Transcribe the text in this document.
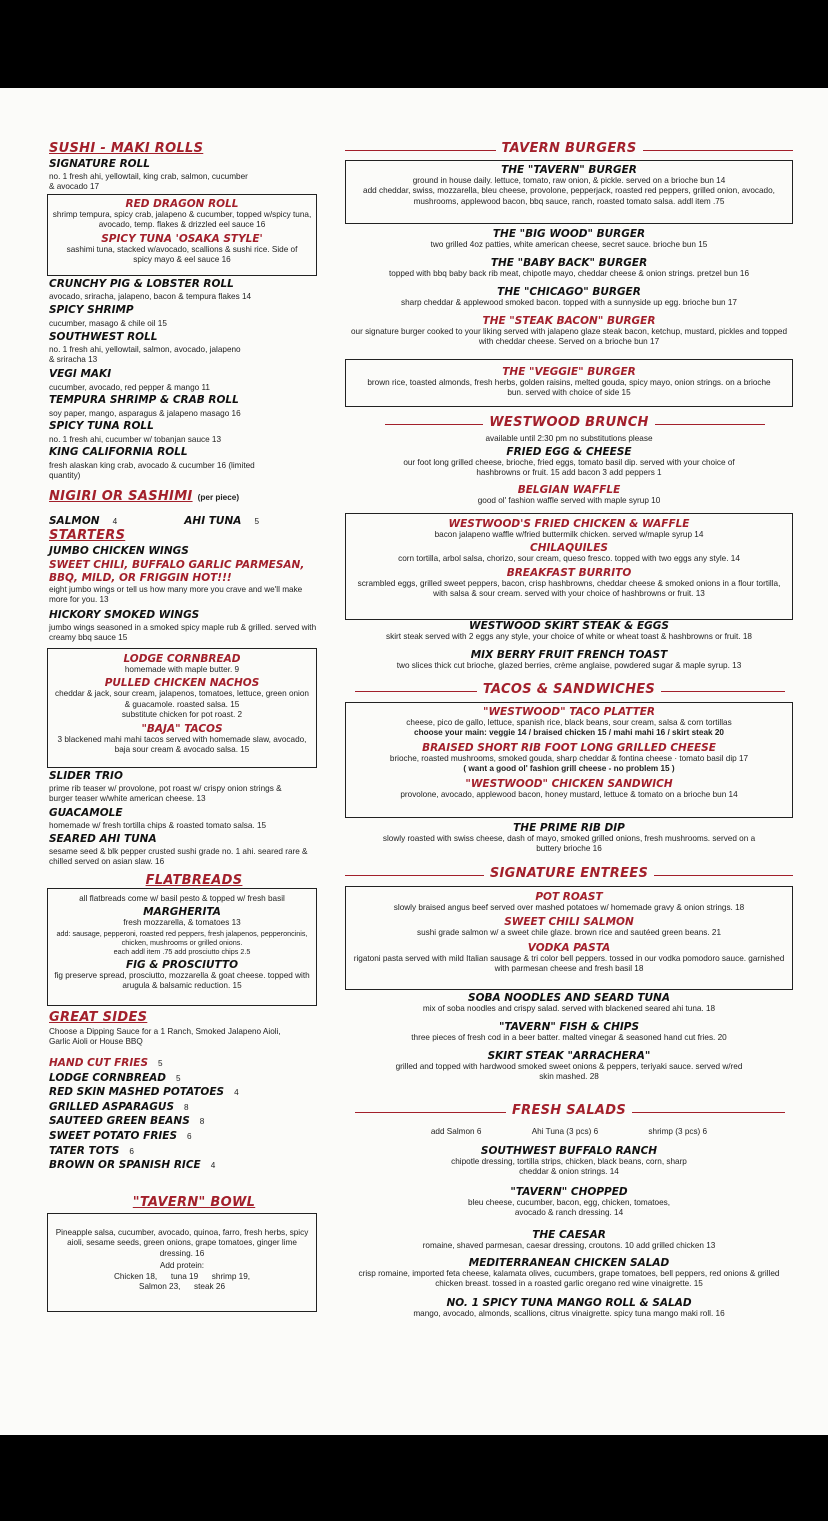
SUSHI - MAKI ROLLS
SIGNATURE ROLL
no. 1 fresh ahi, yellowtail, king crab, salmon, cucumber & avocado 17
RED DRAGON ROLL
shrimp tempura, spicy crab, jalapeno & cucumber, topped w/spicy tuna, avocado, temp. flakes & drizzled eel sauce 16
SPICY TUNA 'OSAKA STYLE'
sashimi tuna, stacked w/avocado, scallions & sushi rice. Side of spicy mayo & eel sauce 16
CRUNCHY PIG & LOBSTER ROLL
avocado, sriracha, jalapeno, bacon & tempura flakes 14
SPICY SHRIMP
cucumber, masago & chile oil 15
SOUTHWEST ROLL
no. 1 fresh ahi, yellowtail, salmon, avocado, jalapeno & sriracha 13
VEGI MAKI
cucumber, avocado, red pepper & mango 11
TEMPURA SHRIMP & CRAB ROLL
soy paper, mango, asparagus & jalapeno masago 16
SPICY TUNA ROLL
no. 1 fresh ahi, cucumber w/ tobanjan sauce 13
KING CALIFORNIA ROLL
fresh alaskan king crab, avocado & cucumber 16 (limited quantity)
NIGIRI OR SASHIMI (per piece)
SALMON 4	AHI TUNA 5
STARTERS
JUMBO CHICKEN WINGS
SWEET CHILI, BUFFALO GARLIC PARMESAN, BBQ, MILD, OR FRIGGIN HOT!!!
eight jumbo wings or tell us how many more you crave and we'll make more for you. 13
HICKORY SMOKED WINGS
jumbo wings seasoned in a smoked spicy maple rub & grilled. served with creamy bbq sauce 15
LODGE CORNBREAD
homemade with maple butter. 9
PULLED CHICKEN NACHOS
cheddar & jack, sour cream, jalapenos, tomatoes, lettuce, green onion & guacamole. roasted salsa. 15
substitute chicken for pot roast. 2
"BAJA" TACOS
3 blackened mahi mahi tacos served with homemade slaw, avocado, baja sour cream & avocado salsa. 15
SLIDER TRIO
prime rib teaser w/ provolone, pot roast w/ crispy onion strings & burger teaser w/white american cheese. 13
GUACAMOLE
homemade w/ fresh tortilla chips & roasted tomato salsa. 15
SEARED AHI TUNA
sesame seed & blk pepper crusted sushi grade no. 1 ahi. seared rare & chilled served on asian slaw. 16
FLATBREADS
all flatbreads come w/ basil pesto & topped w/ fresh basil
MARGHERITA
fresh mozzarella, & tomatoes 13
add: sausage, pepperoni, roasted red peppers, fresh jalapenos, pepperoncinis, chicken, mushrooms or grilled onions.
each addl item .75 add prosciutto chips 2.5
FIG & PROSCIUTTO
fig preserve spread, prosciutto, mozzarella & goat cheese. topped with arugula & balsamic reduction. 15
GREAT SIDES
Choose a Dipping Sauce for a 1 Ranch, Smoked Jalapeno Aioli, Garlic Aioli or House BBQ
HAND CUT FRIES 5
LODGE CORNBREAD 5
RED SKIN MASHED POTATOES 4
GRILLED ASPARAGUS 8
SAUTEED GREEN BEANS 8
SWEET POTATO FRIES 6
TATER TOTS 6
BROWN OR SPANISH RICE 4
"TAVERN" BOWL
Pineapple salsa, cucumber, avocado, quinoa, farro, fresh herbs, spicy aioli, sesame seeds, green onions, grape tomatoes, ginger lime dressing. 16
Add protein:
Chicken 18,      tuna 19      shrimp 19,
Salmon 23,      steak 26
TAVERN BURGERS
THE "TAVERN" BURGER
ground in house daily. lettuce, tomato, raw onion, & pickle. served on a brioche bun 14
add cheddar, swiss, mozzarella, bleu cheese, provolone, pepperjack, roasted red peppers, grilled onion, avocado, mushrooms, applewood bacon, bbq sauce, ranch, roasted tomato salsa. addl item .75
THE "BIG WOOD" BURGER
two grilled 4oz patties, white american cheese, secret sauce. brioche bun 15
THE "BABY BACK" BURGER
topped with bbq baby back rib meat, chipotle mayo, cheddar cheese & onion strings. pretzel bun 16
THE "CHICAGO" BURGER
sharp cheddar & applewood smoked bacon. topped with a sunnyside up egg. brioche bun 17
THE "STEAK BACON" BURGER
our signature burger cooked to your liking served with jalapeno glaze steak bacon, ketchup, mustard, pickles and topped with cheddar cheese. Served on a brioche bun 17
THE "VEGGIE" BURGER
brown rice, toasted almonds, fresh herbs, golden raisins, melted gouda, spicy mayo, onion strings. on a brioche bun. served with choice of side 15
WESTWOOD BRUNCH
available until 2:30 pm no substitutions please
FRIED EGG & CHEESE
our foot long grilled cheese, brioche, fried eggs, tomato basil dip. served with your choice of hashbrowns or fruit. 15 add bacon 3 add peppers 1
BELGIAN WAFFLE
good ol' fashion waffle served with maple syrup 10
WESTWOOD'S FRIED CHICKEN & WAFFLE
bacon jalapeno waffle w/fried buttermilk chicken. served w/maple syrup 14
CHILAQUILES
corn tortilla, arbol salsa, chorizo, sour cream, queso fresco. topped with two eggs any style. 14
BREAKFAST BURRITO
scrambled eggs, grilled sweet peppers, bacon, crisp hashbrowns, cheddar cheese & smoked onions in a flour tortilla, with salsa & sour cream. served with your choice of hashbrowns or fruit. 13
WESTWOOD SKIRT STEAK & EGGS
skirt steak served with 2 eggs any style, your choice of white or wheat toast & hashbrowns or fruit. 18
MIX BERRY FRUIT FRENCH TOAST
two slices thick cut brioche, glazed berries, crème anglaise, powdered sugar & maple syrup. 13
TACOS & SANDWICHES
"WESTWOOD" TACO PLATTER
cheese, pico de gallo, lettuce, spanish rice, black beans, sour cream, salsa & corn tortillas
choose your main: veggie 14 / braised chicken 15 / mahi mahi 16 / skirt steak 20
BRAISED SHORT RIB FOOT LONG GRILLED CHEESE
brioche, roasted mushrooms, smoked gouda, sharp cheddar & fontina cheese · tomato basil dip 17
( want a good ol' fashion grill cheese - no problem 15 )
"WESTWOOD" CHICKEN SANDWICH
provolone, avocado, applewood bacon, honey mustard, lettuce & tomato on a brioche bun 14
THE PRIME RIB DIP
slowly roasted with swiss cheese, dash of mayo, smoked grilled onions, fresh mushrooms. served on a buttery brioche 16
SIGNATURE ENTREES
POT ROAST
slowly braised angus beef served over mashed potatoes w/ homemade gravy & onion strings. 18
SWEET CHILI SALMON
sushi grade salmon w/ a sweet chile glaze. brown rice and sautéed green beans. 21
VODKA PASTA
rigatoni pasta served with mild Italian sausage & tri color bell peppers. tossed in our vodka pomodoro sauce. garnished with parmesan cheese and fresh basil 18
SOBA NOODLES AND SEARD TUNA
mix of soba noodles and crispy salad. served with blackened seared ahi tuna. 18
"TAVERN" FISH & CHIPS
three pieces of fresh cod in a beer batter. malted vinegar & seasoned hand cut fries. 20
SKIRT STEAK "ARRACHERA"
grilled and topped with hardwood smoked sweet onions & peppers, teriyaki sauce. served w/red skin mashed. 28
FRESH SALADS
add Salmon 6	Ahi Tuna (3 pcs) 6	shrimp (3 pcs) 6
SOUTHWEST BUFFALO RANCH
chipotle dressing, tortilla strips, chicken, black beans, corn, sharp cheddar & onion strings. 14
"TAVERN" CHOPPED
bleu cheese, cucumber, bacon, egg, chicken, tomatoes, avocado & ranch dressing. 14
THE CAESAR
romaine, shaved parmesan, caesar dressing, croutons. 10 add grilled chicken 13
MEDITERRANEAN CHICKEN SALAD
crisp romaine, imported feta cheese, kalamata olives, cucumbers, grape tomatoes, bell peppers, red onions & grilled chicken breast. tossed in a roasted garlic oregano red wine vinaigrette. 15
NO. 1 SPICY TUNA MANGO ROLL & SALAD
mango, avocado, almonds, scallions, citrus vinaigrette. spicy tuna mango maki roll. 16
